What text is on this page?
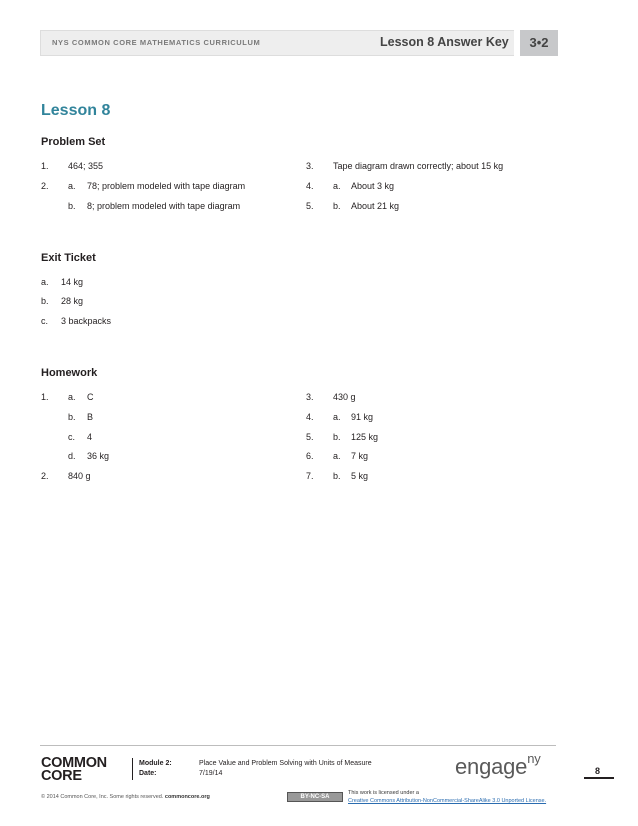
NYS COMMON CORE MATHEMATICS CURRICULUM	Lesson 8 Answer Key	3•2
Lesson 8
Problem Set
1. 464; 355
2. a. 78; problem modeled with tape diagram
b. 8; problem modeled with tape diagram
3. Tape diagram drawn correctly; about 15 kg
4. a. About 3 kg
5. b. About 21 kg
Exit Ticket
a. 14 kg
b. 28 kg
c. 3 backpacks
Homework
1. a. C
b. B
c. 4
d. 36 kg
2. 840 g
3. 430 g
4. a. 91 kg
5. b. 125 kg
6. a. 7 kg
7. b. 5 kg
COMMON
CORE
Module 2:	Place Value and Problem Solving with Units of Measure
Date:	7/19/14	engage$^{ny}$
8
© 2014 Common Core, Inc. Some rights reserved. commoncore.org	BY-NC-SA
This work is licensed under a
Creative Commons Attribution-NonCommercial-ShareAlike 3.0 Unported License.
